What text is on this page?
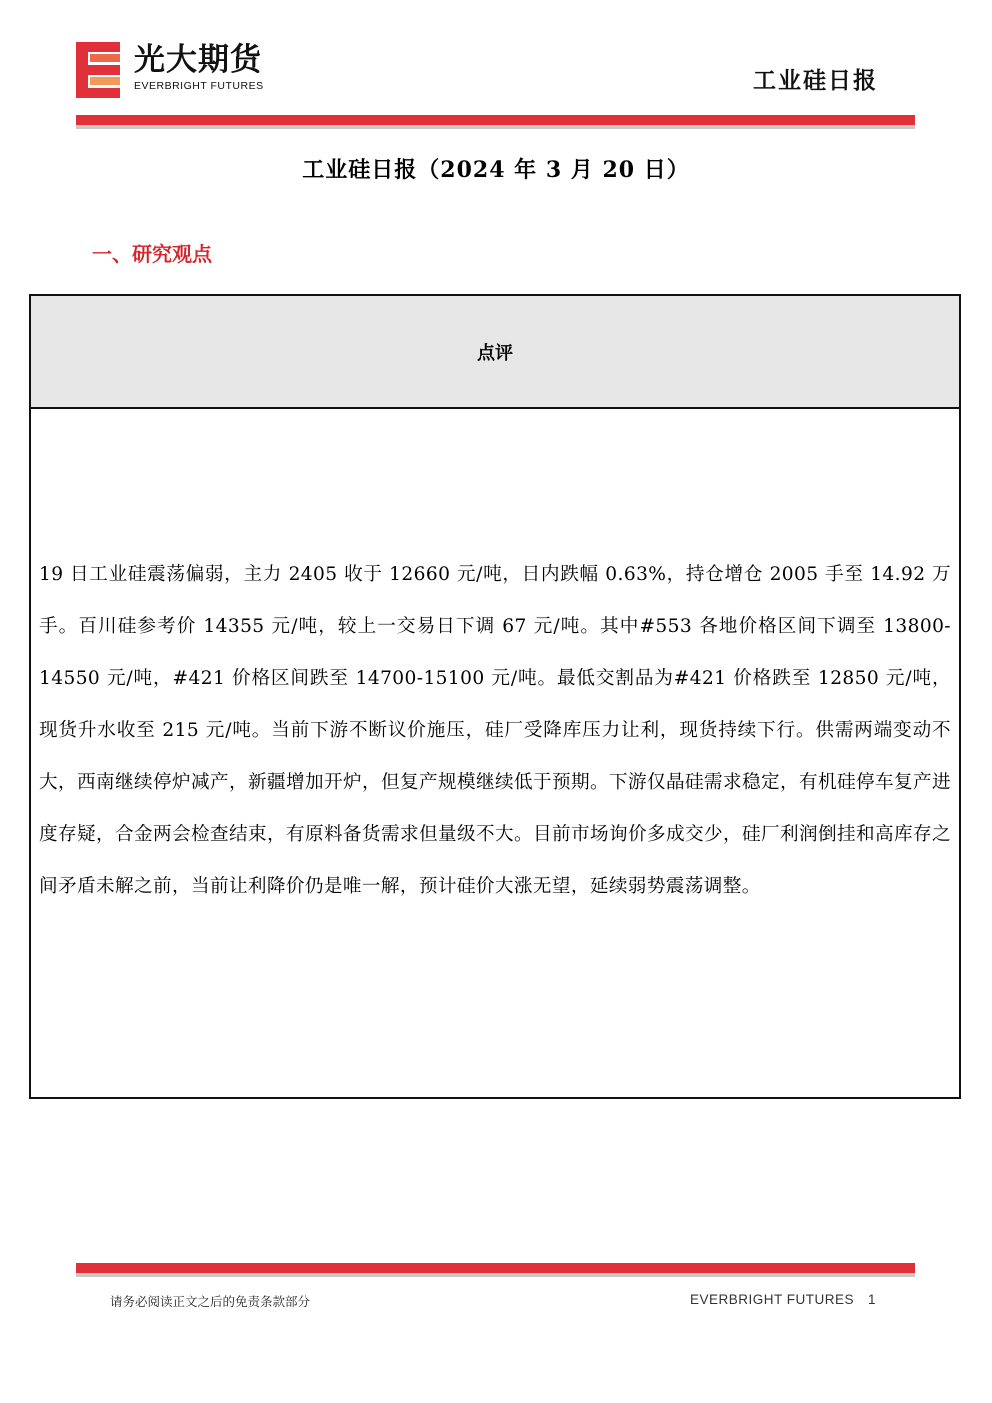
光大期货
EVERBRIGHT FUTURES	工业硅日报
工业硅日报（2024 年 3 月 20 日）
一、研究观点
点评
19 日工业硅震荡偏弱，主力 2405 收于 12660 元/吨，日内跌幅 0.63%，持仓增仓 2005 手至 14.92 万手。百川硅参考价 14355 元/吨，较上一交易日下调 67 元/吨。其中#553 各地价格区间下调至 13800-14550 元/吨，#421 价格区间跌至 14700-15100 元/吨。最低交割品为#421 价格跌至 12850 元/吨，现货升水收至 215 元/吨。当前下游不断议价施压，硅厂受降库压力让利，现货持续下行。供需两端变动不大，西南继续停炉减产，新疆增加开炉，但复产规模继续低于预期。下游仅晶硅需求稳定，有机硅停车复产进度存疑，合金两会检查结束，有原料备货需求但量级不大。目前市场询价多成交少，硅厂利润倒挂和高库存之间矛盾未解之前，当前让利降价仍是唯一解，预计硅价大涨无望，延续弱势震荡调整。
请务必阅读正文之后的免责条款部分	EVERBRIGHT FUTURES 1
